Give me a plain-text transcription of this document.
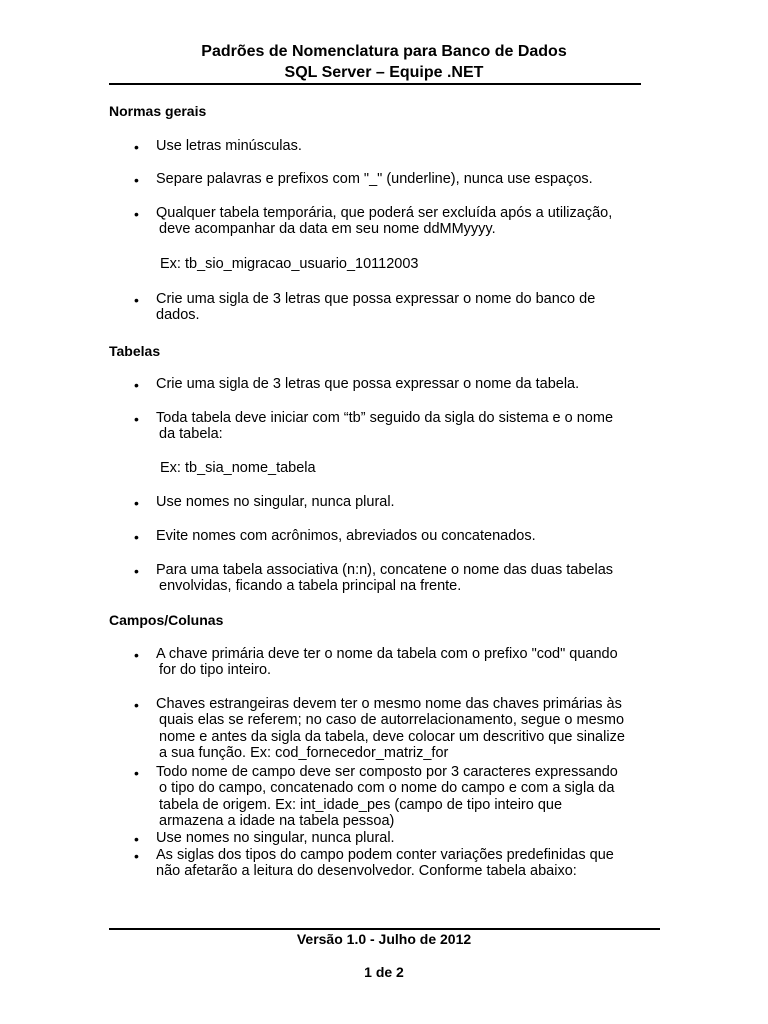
Padrões de Nomenclatura para Banco de Dados
SQL Server – Equipe .NET
Normas gerais
• Use letras minúsculas.
• Separe palavras e prefixos com "_" (underline), nunca use espaços.
• Qualquer tabela temporária, que poderá ser excluída após a utilização,
deve acompanhar da data em seu nome ddMMyyyy.
Ex: tb_sio_migracao_usuario_10112003
• Crie uma sigla de 3 letras que possa expressar o nome do banco de
dados.
Tabelas
• Crie uma sigla de 3 letras que possa expressar o nome da tabela.
• Toda tabela deve iniciar com “tb” seguido da sigla do sistema e o nome
da tabela:
Ex: tb_sia_nome_tabela
• Use nomes no singular, nunca plural.
• Evite nomes com acrônimos, abreviados ou concatenados.
• Para uma tabela associativa (n:n), concatene o nome das duas tabelas
envolvidas, ficando a tabela principal na frente.
Campos/Colunas
• A chave primária deve ter o nome da tabela com o prefixo "cod" quando
for do tipo inteiro.
• Chaves estrangeiras devem ter o mesmo nome das chaves primárias às
quais elas se referem; no caso de autorrelacionamento, segue o mesmo
nome e antes da sigla da tabela, deve colocar um descritivo que sinalize
a sua função. Ex: cod_fornecedor_matriz_for
• Todo nome de campo deve ser composto por 3 caracteres expressando
o tipo do campo, concatenado com o nome do campo e com a sigla da
tabela de origem. Ex: int_idade_pes (campo de tipo inteiro que
armazena a idade na tabela pessoa)
• Use nomes no singular, nunca plural.
• As siglas dos tipos do campo podem conter variações predefinidas que
não afetarão a leitura do desenvolvedor. Conforme tabela abaixo:
Versão 1.0 - Julho de 2012
1 de 2
